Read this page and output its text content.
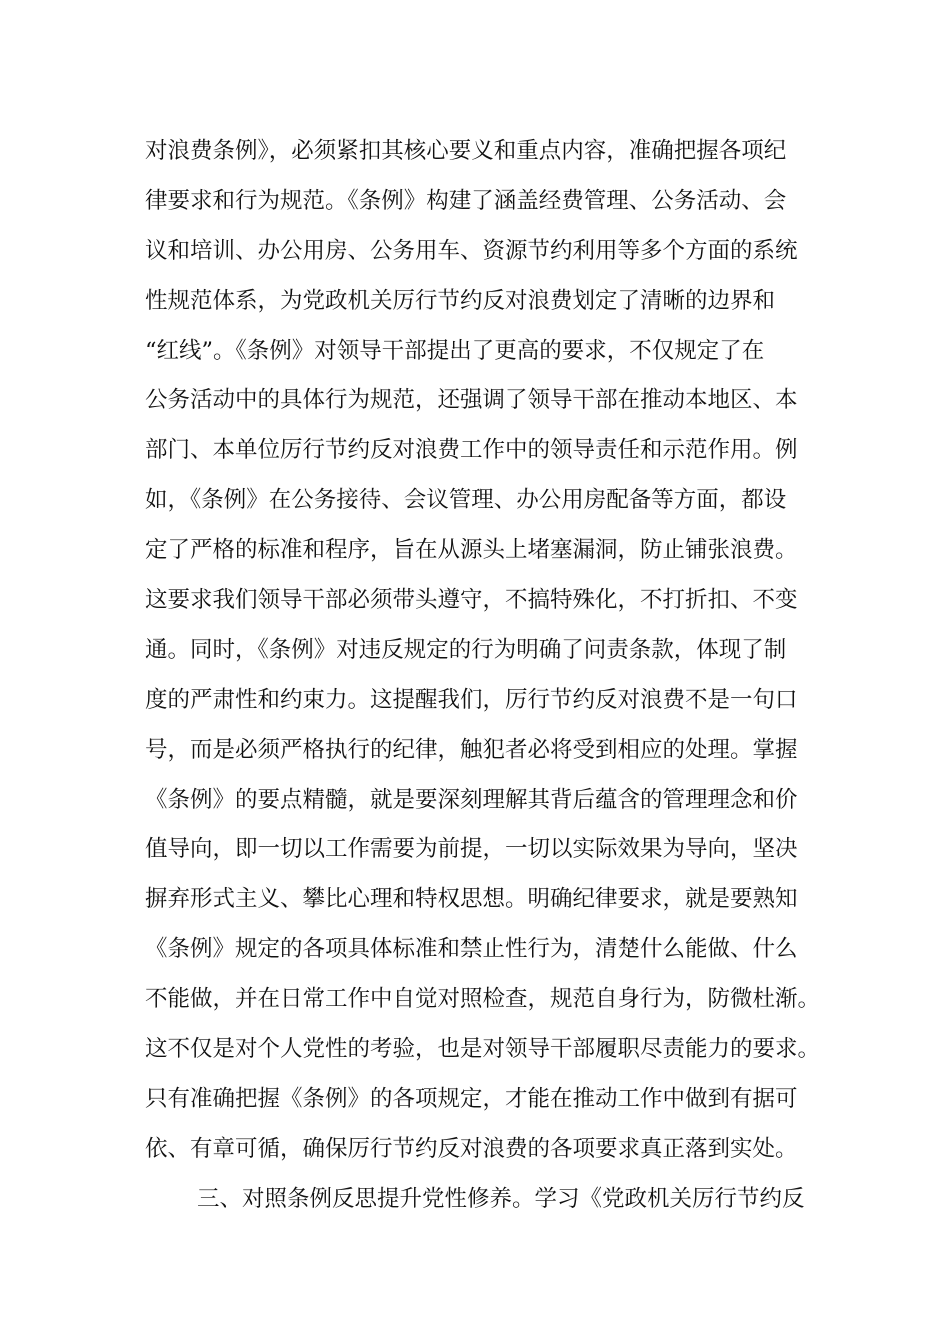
对浪费条例》，必须紧扣其核心要义和重点内容，准确把握各项纪
律要求和行为规范。《条例》构建了涵盖经费管理、公务活动、会
议和培训、办公用房、公务用车、资源节约利用等多个方面的系统
性规范体系，为党政机关厉行节约反对浪费划定了清晰的边界和
“红线”。《条例》对领导干部提出了更高的要求，不仅规定了在
公务活动中的具体行为规范，还强调了领导干部在推动本地区、本
部门、本单位厉行节约反对浪费工作中的领导责任和示范作用。例
如，《条例》在公务接待、会议管理、办公用房配备等方面，都设
定了严格的标准和程序，旨在从源头上堵塞漏洞，防止铺张浪费。
这要求我们领导干部必须带头遵守，不搞特殊化，不打折扣、不变
通。同时，《条例》对违反规定的行为明确了问责条款，体现了制
度的严肃性和约束力。这提醒我们，厉行节约反对浪费不是一句口
号，而是必须严格执行的纪律，触犯者必将受到相应的处理。掌握
《条例》的要点精髓，就是要深刻理解其背后蕴含的管理理念和价
值导向，即一切以工作需要为前提，一切以实际效果为导向，坚决
摒弃形式主义、攀比心理和特权思想。明确纪律要求，就是要熟知
《条例》规定的各项具体标准和禁止性行为，清楚什么能做、什么
不能做，并在日常工作中自觉对照检查，规范自身行为，防微杜渐。
这不仅是对个人党性的考验，也是对领导干部履职尽责能力的要求。
只有准确把握《条例》的各项规定，才能在推动工作中做到有据可
依、有章可循，确保厉行节约反对浪费的各项要求真正落到实处。
三、对照条例反思提升党性修养。学习《党政机关厉行节约反
